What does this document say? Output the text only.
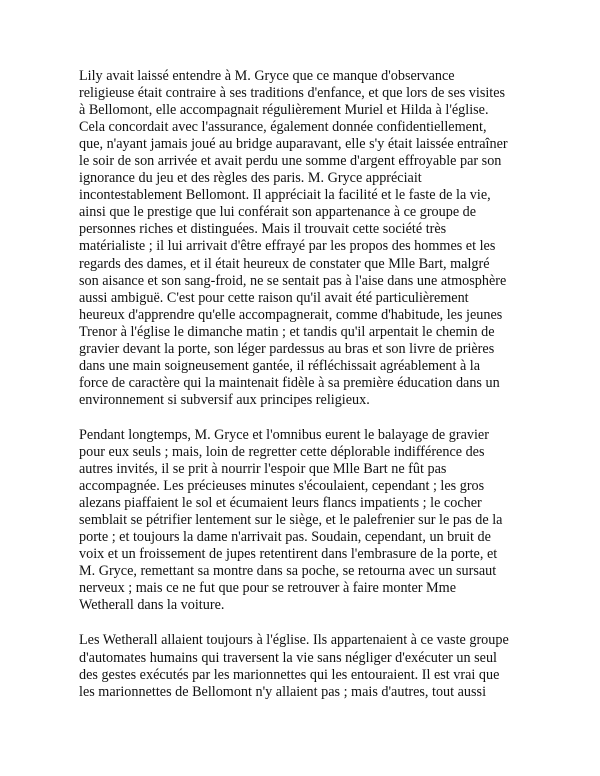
Lily avait laissé entendre à M. Gryce que ce manque d'observance
religieuse était contraire à ses traditions d'enfance, et que lors de ses visites
à Bellomont, elle accompagnait régulièrement Muriel et Hilda à l'église.
Cela concordait avec l'assurance, également donnée confidentiellement,
que, n'ayant jamais joué au bridge auparavant, elle s'y était laissée entraîner
le soir de son arrivée et avait perdu une somme d'argent effroyable par son
ignorance du jeu et des règles des paris. M. Gryce appréciait
incontestablement Bellomont. Il appréciait la facilité et le faste de la vie,
ainsi que le prestige que lui conférait son appartenance à ce groupe de
personnes riches et distinguées. Mais il trouvait cette société très
matérialiste ; il lui arrivait d'être effrayé par les propos des hommes et les
regards des dames, et il était heureux de constater que Mlle Bart, malgré
son aisance et son sang-froid, ne se sentait pas à l'aise dans une atmosphère
aussi ambiguë. C'est pour cette raison qu'il avait été particulièrement
heureux d'apprendre qu'elle accompagnerait, comme d'habitude, les jeunes
Trenor à l'église le dimanche matin ; et tandis qu'il arpentait le chemin de
gravier devant la porte, son léger pardessus au bras et son livre de prières
dans une main soigneusement gantée, il réfléchissait agréablement à la
force de caractère qui la maintenait fidèle à sa première éducation dans un
environnement si subversif aux principes religieux.
Pendant longtemps, M. Gryce et l'omnibus eurent le balayage de gravier
pour eux seuls ; mais, loin de regretter cette déplorable indifférence des
autres invités, il se prit à nourrir l'espoir que Mlle Bart ne fût pas
accompagnée. Les précieuses minutes s'écoulaient, cependant ; les gros
alezans piaffaient le sol et écumaient leurs flancs impatients ; le cocher
semblait se pétrifier lentement sur le siège, et le palefrenier sur le pas de la
porte ; et toujours la dame n'arrivait pas. Soudain, cependant, un bruit de
voix et un froissement de jupes retentirent dans l'embrasure de la porte, et
M. Gryce, remettant sa montre dans sa poche, se retourna avec un sursaut
nerveux ; mais ce ne fut que pour se retrouver à faire monter Mme
Wetherall dans la voiture.
Les Wetherall allaient toujours à l'église. Ils appartenaient à ce vaste groupe
d'automates humains qui traversent la vie sans négliger d'exécuter un seul
des gestes exécutés par les marionnettes qui les entouraient. Il est vrai que
les marionnettes de Bellomont n'y allaient pas ; mais d'autres, tout aussi
